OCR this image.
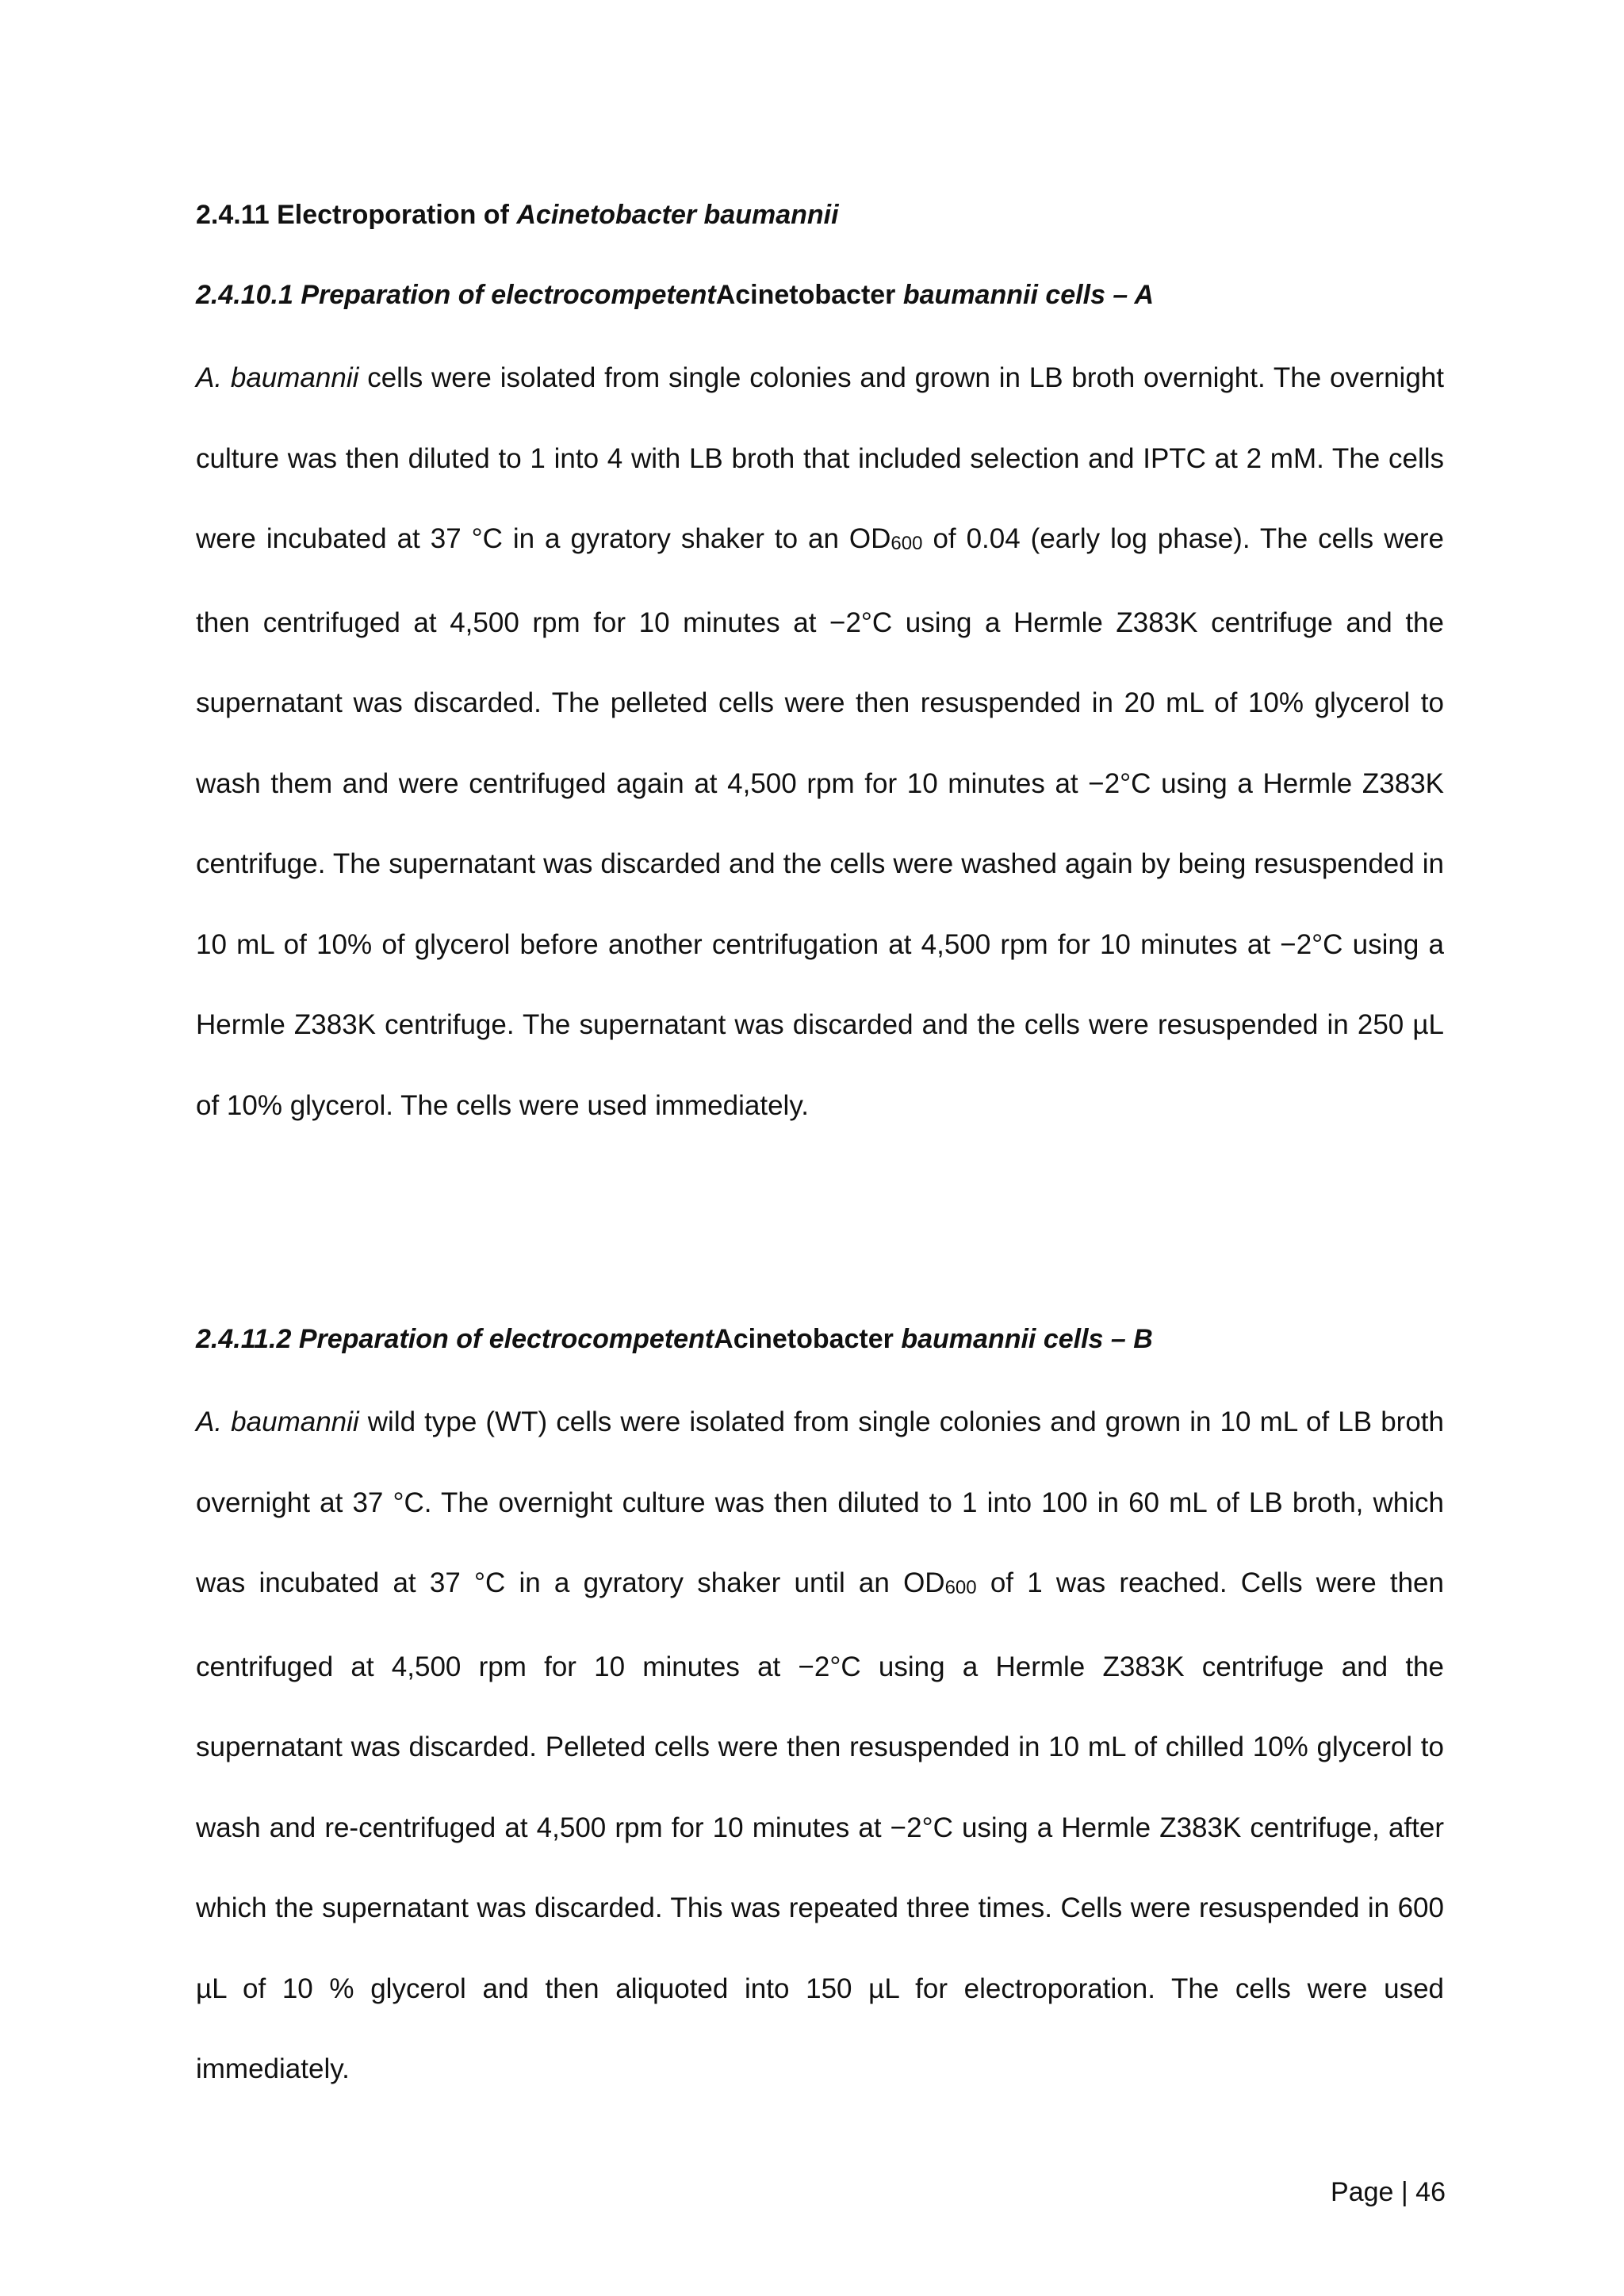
2.4.11 Electroporation of Acinetobacter baumannii
2.4.10.1 Preparation of electrocompetentAcinetobacter baumannii cells – A

A. baumannii cells were isolated from single colonies and grown in LB broth overnight. The overnight culture was then diluted to 1 into 4 with LB broth that included selection and IPTC at 2 mM. The cells were incubated at 37 °C in a gyratory shaker to an $OD_{600}$ of 0.04 (early log phase). The cells were then centrifuged at 4,500 rpm for 10 minutes at −2°C using a Hermle Z383K centrifuge and the supernatant was discarded. The pelleted cells were then resuspended in 20 mL of 10% glycerol to wash them and were centrifuged again at 4,500 rpm for 10 minutes at −2°C using a Hermle Z383K centrifuge. The supernatant was discarded and the cells were washed again by being resuspended in 10 mL of 10% of glycerol before another centrifugation at 4,500 rpm for 10 minutes at −2°C using a Hermle Z383K centrifuge. The supernatant was discarded and the cells were resuspended in 250 µL of 10% glycerol. The cells were used immediately.

2.4.11.2 Preparation of electrocompetentAcinetobacter baumannii cells – B

A. baumannii wild type (WT) cells were isolated from single colonies and grown in 10 mL of LB broth overnight at 37 °C. The overnight culture was then diluted to 1 into 100 in 60 mL of LB broth, which was incubated at 37 °C in a gyratory shaker until an $OD_{600}$ of 1 was reached. Cells were then centrifuged at 4,500 rpm for 10 minutes at −2°C using a Hermle Z383K centrifuge and the supernatant was discarded. Pelleted cells were then resuspended in 10 mL of chilled 10% glycerol to wash and re-centrifuged at 4,500 rpm for 10 minutes at −2°C using a Hermle Z383K centrifuge, after which the supernatant was discarded. This was repeated three times. Cells were resuspended in 600 µL of 10 % glycerol and then aliquoted into 150 µL for electroporation. The cells were used immediately.

Page | 46
